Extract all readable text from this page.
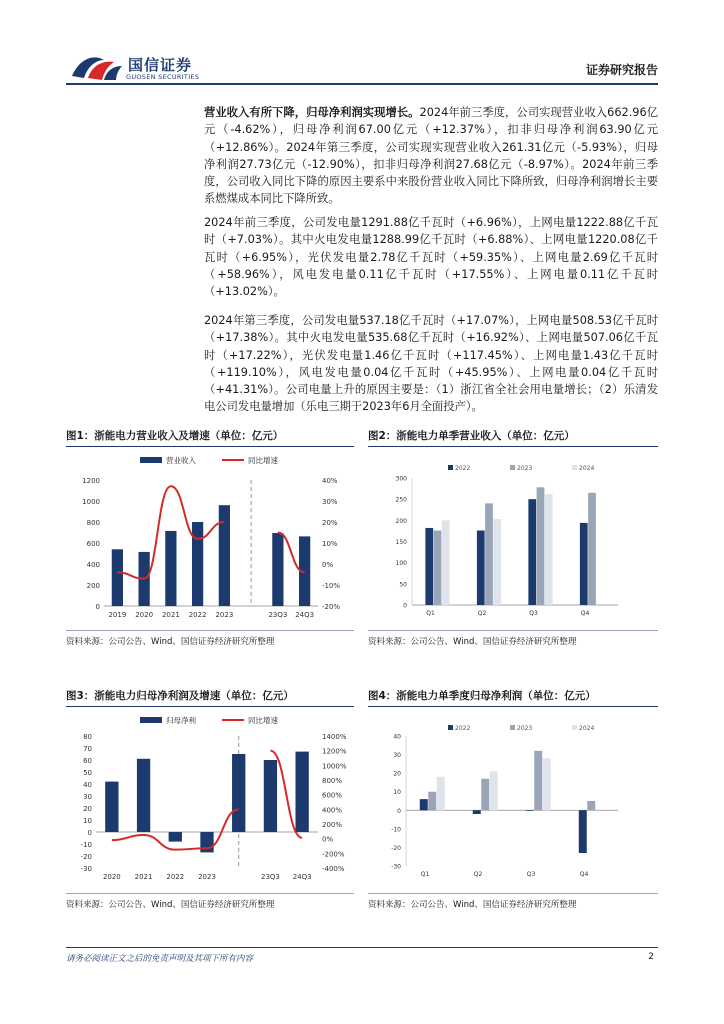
国信证券
GUOSEN SECURITIES	证券研究报告
营业收入有所下降，归母净利润实现增长。2024年前三季度，公司实现营业收入662.96亿元（-4.62%），归母净利润67.00亿元（+12.37%），扣非归母净利润63.90亿元（+12.86%）。2024年第三季度，公司实现实现营业收入261.31亿元（-5.93%），归母净利润27.73亿元（-12.90%），扣非归母净利润27.68亿元（-8.97%）。2024年前三季度，公司收入同比下降的原因主要系中来股份营业收入同比下降所致，归母净利润增长主要系燃煤成本同比下降所致。
2024年前三季度，公司发电量1291.88亿千瓦时（+6.96%），上网电量1222.88亿千瓦时（+7.03%）。其中火电发电量1288.99亿千瓦时（+6.88%）、上网电量1220.08亿千瓦时（+6.95%），光伏发电量2.78亿千瓦时（+59.35%）、上网电量2.69亿千瓦时（+58.96%），风电发电量0.11亿千瓦时（+17.55%）、上网电量0.11亿千瓦时（+13.02%）。
2024年第三季度，公司发电量537.18亿千瓦时（+17.07%），上网电量508.53亿千瓦时（+17.38%）。其中火电发电量535.68亿千瓦时（+16.92%）、上网电量507.06亿千瓦时（+17.22%），光伏发电量1.46亿千瓦时（+117.45%）、上网电量1.43亿千瓦时（+119.10%），风电发电量0.04亿千瓦时（+45.95%）、上网电量0.04亿千瓦时（+41.31%）。公司电量上升的原因主要是：（1）浙江省全社会用电量增长；（2）乐清发电公司发电量增加（乐电三期于2023年6月全面投产）。
图1：浙能电力营业收入及增速（单位：亿元）
0
200
400
600
800
1000
1200
-20%
-10%
0%
10%
20%
30%
40%
2019 2020 2021 2022 2023	23Q3 24Q3
营业收入	同比增速
资料来源：公司公告、Wind、国信证券经济研究所整理
图2：浙能电力单季营业收入（单位：亿元）
0
50
100
150
200
250
300
Q1	Q2	Q3	Q4
2022	2023	2024
资料来源：公司公告、Wind、国信证券经济研究所整理
图3：浙能电力归母净利润及增速（单位：亿元）
-30
-20
-10
0
10
20
30
40
50
60
70
80
-400%
-200%
0%
200%
400%
600%
800%
1000%
1200%
1400%
2020 2021 2022 2023	23Q3 24Q3
归母净利	同比增速
资料来源：公司公告、Wind、国信证券经济研究所整理
图4：浙能电力单季度归母净利润（单位：亿元）
-30
-20
-10
0
10
20
30
40
Q1	Q2	Q3	Q4
2022	2023	2024
资料来源：公司公告、Wind、国信证券经济研究所整理
请务必阅读正文之后的免责声明及其项下所有内容	2
